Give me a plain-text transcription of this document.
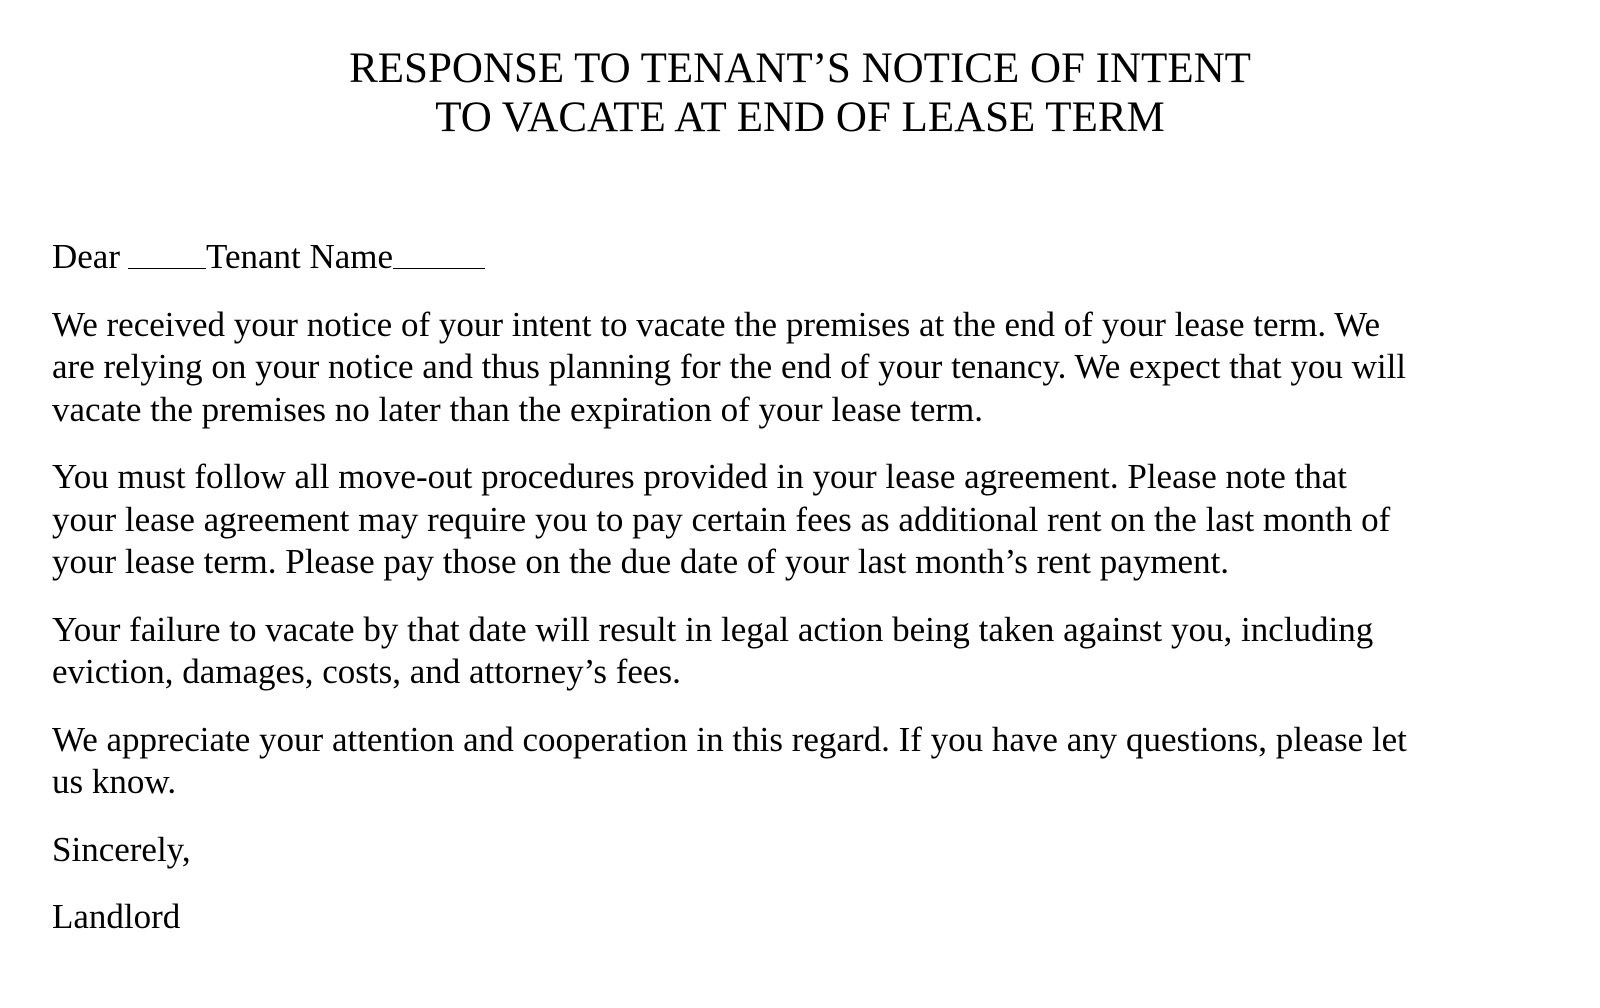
RESPONSE TO TENANT’S NOTICE OF INTENT
TO VACATE AT END OF LEASE TERM

Dear Tenant Name

We received your notice of your intent to vacate the premises at the end of your lease term. We
are relying on your notice and thus planning for the end of your tenancy. We expect that you will
vacate the premises no later than the expiration of your lease term.

You must follow all move-out procedures provided in your lease agreement. Please note that
your lease agreement may require you to pay certain fees as additional rent on the last month of
your lease term. Please pay those on the due date of your last month’s rent payment.

Your failure to vacate by that date will result in legal action being taken against you, including
eviction, damages, costs, and attorney’s fees.

We appreciate your attention and cooperation in this regard. If you have any questions, please let
us know.

Sincerely,

Landlord
